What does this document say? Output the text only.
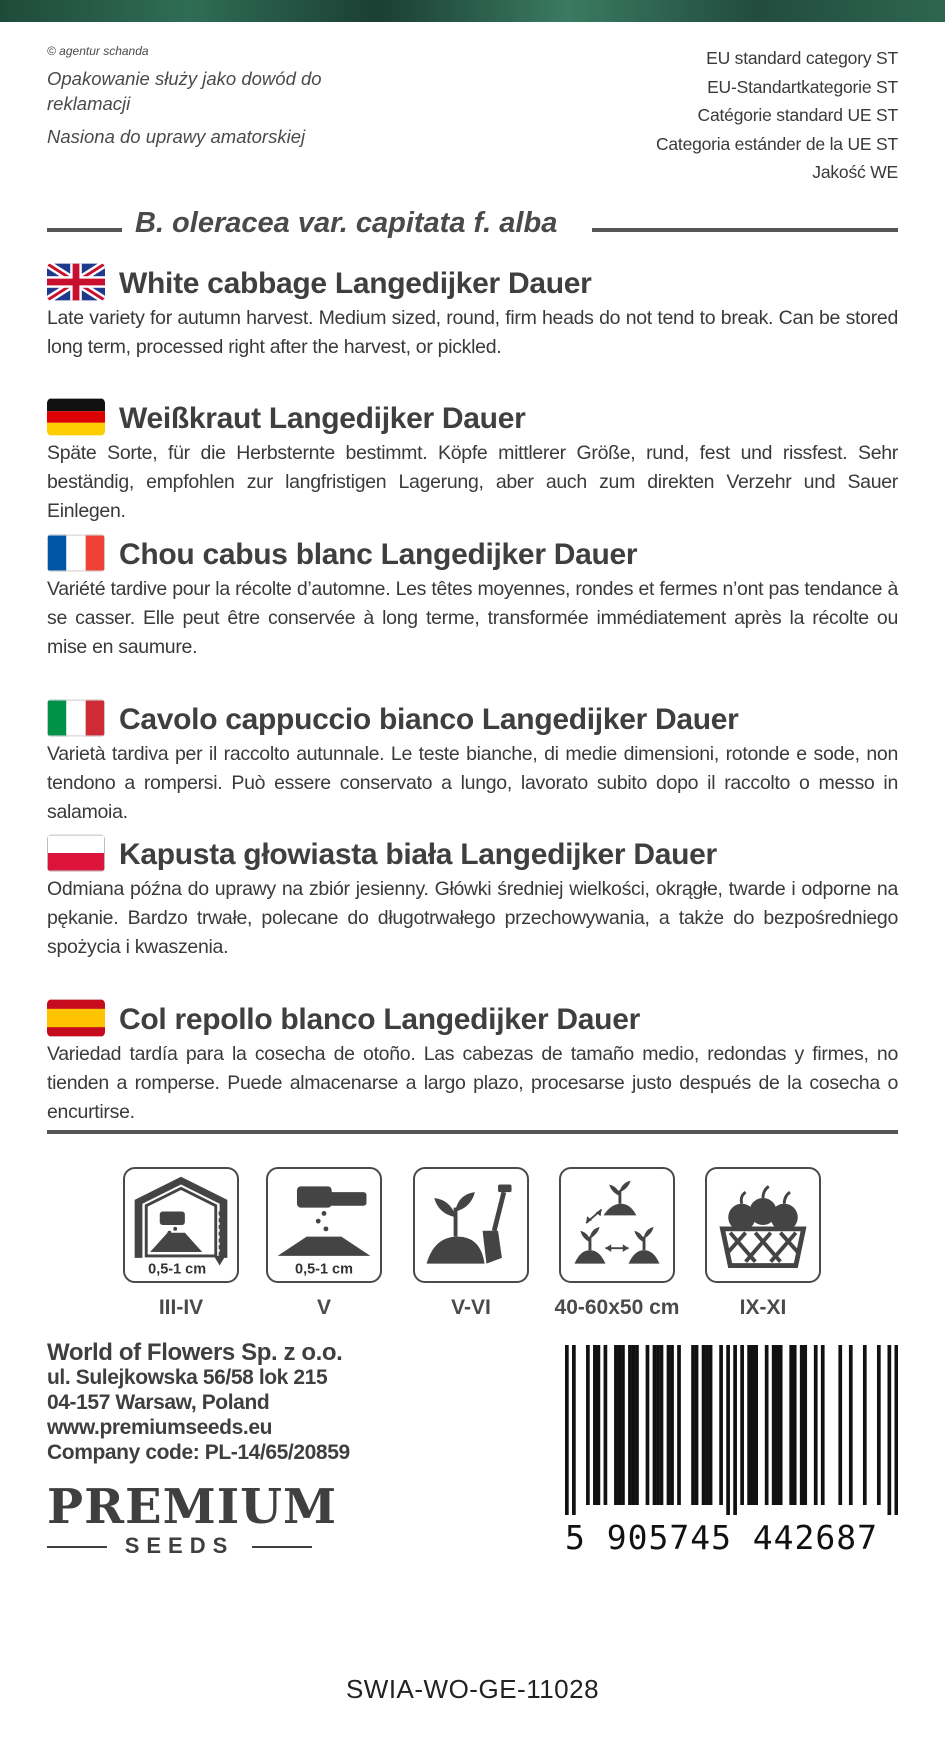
© agentur schanda
Opakowanie służy jako dowód do reklamacji
Nasiona do uprawy amatorskiej
EU standard category ST
EU-Standartkategorie ST
Catégorie standard UE ST
Categoria estánder de la UE ST
Jakość WE
B. oleracea var. capitata f. alba
White cabbage Langedijker Dauer
Late variety for autumn harvest. Medium sized, round, firm heads do not tend to break. Can be stored long term, processed right after the harvest, or pickled.
Weißkraut Langedijker Dauer
Späte Sorte, für die Herbsternte bestimmt. Köpfe mittlerer Größe, rund, fest und rissfest. Sehr beständig, empfohlen zur langfristigen Lagerung, aber auch zum direkten Verzehr und Sauer Einlegen.
Chou cabus blanc Langedijker Dauer
Variété tardive pour la récolte d’automne. Les têtes moyennes, rondes et fermes n’ont pas tendance à se casser. Elle peut être conservée à long terme, transformée immédiatement après la récolte ou mise en saumure.
Cavolo cappuccio bianco Langedijker Dauer
Varietà tardiva per il raccolto autunnale. Le teste bianche, di medie dimensioni, rotonde e sode, non tendono a rompersi. Può essere conservato a lungo, lavorato subito dopo il raccolto o messo in salamoia.
Kapusta głowiasta biała Langedijker Dauer
Odmiana późna do uprawy na zbiór jesienny. Główki średniej wielkości, okrągłe, twarde i odporne na pękanie. Bardzo trwałe, polecane do długotrwałego przechowywania, a także do bezpośredniego spożycia i kwaszenia.
Col repollo blanco Langedijker Dauer
Variedad tardía para la cosecha de otoño. Las cabezas de tamaño medio, redondas y firmes, no tienden a romperse. Puede almacenarse a largo plazo, procesarse justo después de la cosecha o encurtirse.
0,5-1 cm	0,5-1 cm
III-IV	V	V-VI	40-60x50 cm	IX-XI
World of Flowers Sp. z o.o.
ul. Sulejkowska 56/58 lok 215
04-157 Warsaw, Poland
www.premiumseeds.eu
Company code: PL-14/65/20859
PREMIUM
SEEDS	5 905745 442687
SWIA-WO-GE-11028
